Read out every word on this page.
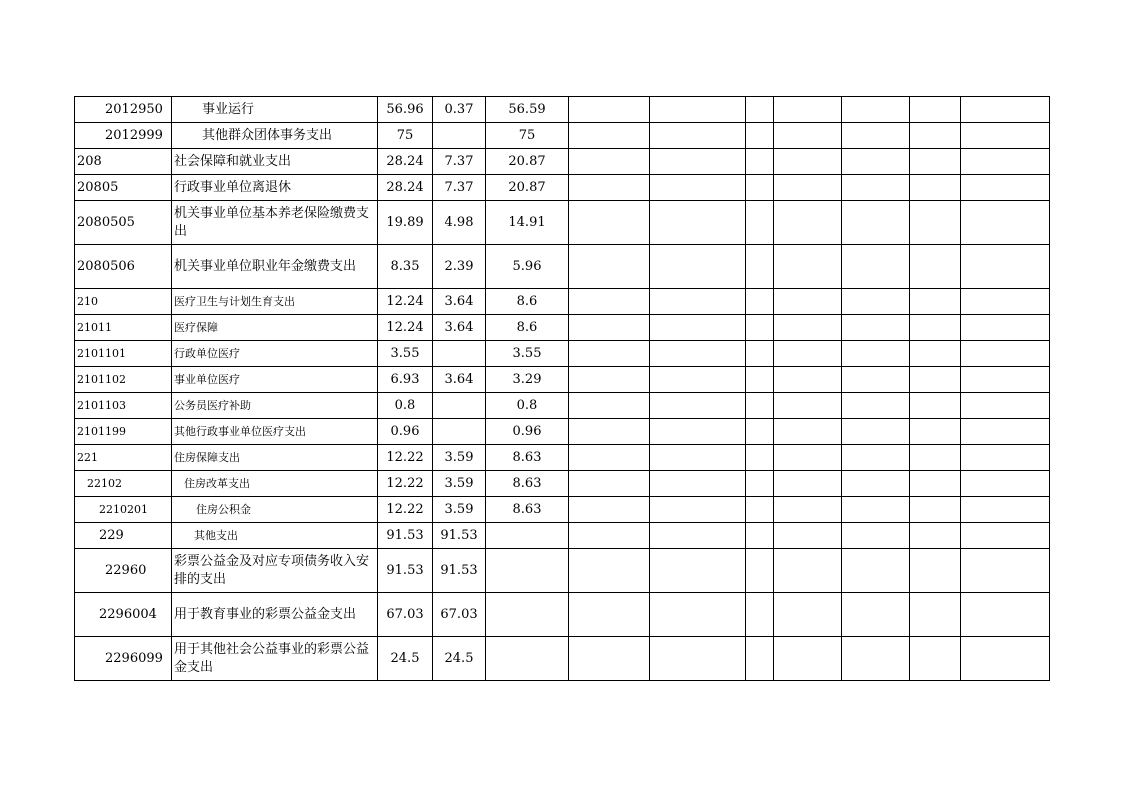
2012950	事业运行	56.96	0.37	56.59							
2012999	其他群众团体事务支出	75		75							
208	社会保障和就业支出	28.24	7.37	20.87							
20805	行政事业单位离退休	28.24	7.37	20.87							
2080505	机关事业单位基本养老保险缴费支出	19.89	4.98	14.91							
2080506	机关事业单位职业年金缴费支出	8.35	2.39	5.96							
210	医疗卫生与计划生育支出	12.24	3.64	8.6							
21011	医疗保障	12.24	3.64	8.6							
2101101	行政单位医疗	3.55		3.55							
2101102	事业单位医疗	6.93	3.64	3.29							
2101103	公务员医疗补助	0.8		0.8							
2101199	其他行政事业单位医疗支出	0.96		0.96							
221	住房保障支出	12.22	3.59	8.63							
22102	住房改革支出	12.22	3.59	8.63							
2210201	住房公积金	12.22	3.59	8.63							
229	其他支出	91.53	91.53								
22960	彩票公益金及对应专项债务收入安排的支出	91.53	91.53								
2296004	用于教育事业的彩票公益金支出	67.03	67.03								
2296099	用于其他社会公益事业的彩票公益金支出	24.5	24.5								
